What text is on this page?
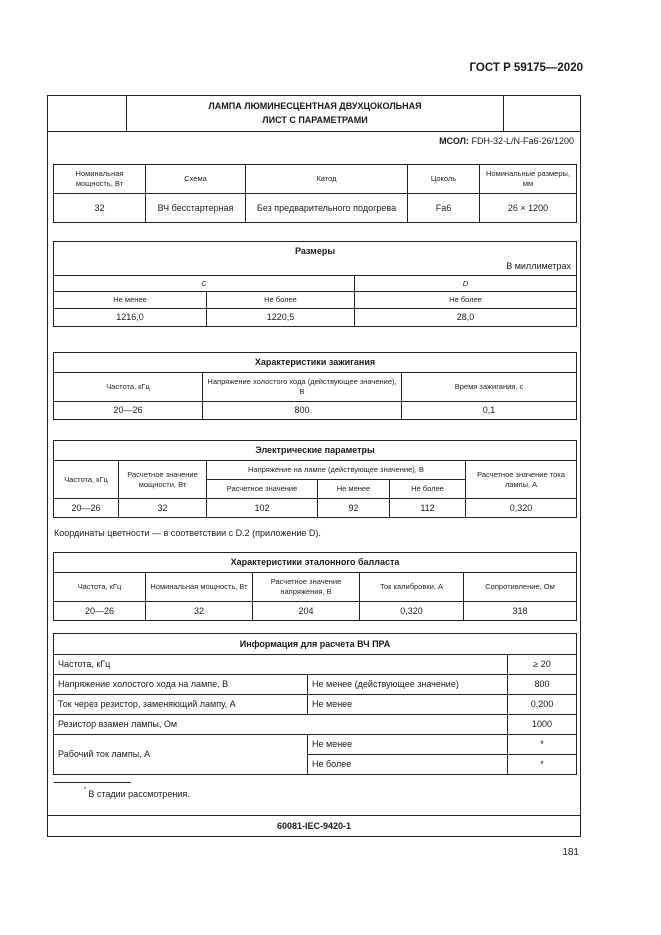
ГОСТ Р 59175—2020
ЛАМПА ЛЮМИНЕСЦЕНТНАЯ ДВУХЦОКОЛЬНАЯ
ЛИСТ С ПАРАМЕТРАМИ
МСОЛ: FDH-32-L/N-Fa6-26/1200
Номинальная мощность, Вт	Схема	Катод	Цоколь	Номинальные размеры, мм
32	ВЧ бесстартерная	Без предварительного подогрева	Fa6	26 × 1200
Размеры
В миллиметрах		

C		D
Не менее	Не более	Не более
1216,0	1220,5	28,0
Характеристики зажигания		
Частота, кГц	Напряжение холостого хода (действующее значение), В	Время зажигания, с
20—26	800	0,1
Электрические параметры					
Частота, кГц	Расчетное значение мощности, Вт	Напряжение на лампе (действующее значение), В			Расчетное значение тока лампы, А
		Расчетное значение	Не менее	Не более	
20—26	32	102	92	112	0,320
Координаты цветности — в соответствии с D.2 (приложение D).
Характеристики эталонного балласта				
Частота, кГц	Номинальная мощность, Вт	Расчетное значение напряжения, В	Ток калибровки, А	Сопротивление, Ом
20—26	32	204	0,320	318
Информация для расчета ВЧ ПРА		
Частота, кГц		≥ 20
Напряжение холостого хода на лампе, В	Не менее (действующее значение)	800
Ток через резистор, заменяющий лампу, А	Не менее	0,200
Резистор взамен лампы, Ом		1000
Рабочий ток лампы, А	Не менее	*
	Не более	*
* В стадии рассмотрения.
60081-IEC-9420-1
181
